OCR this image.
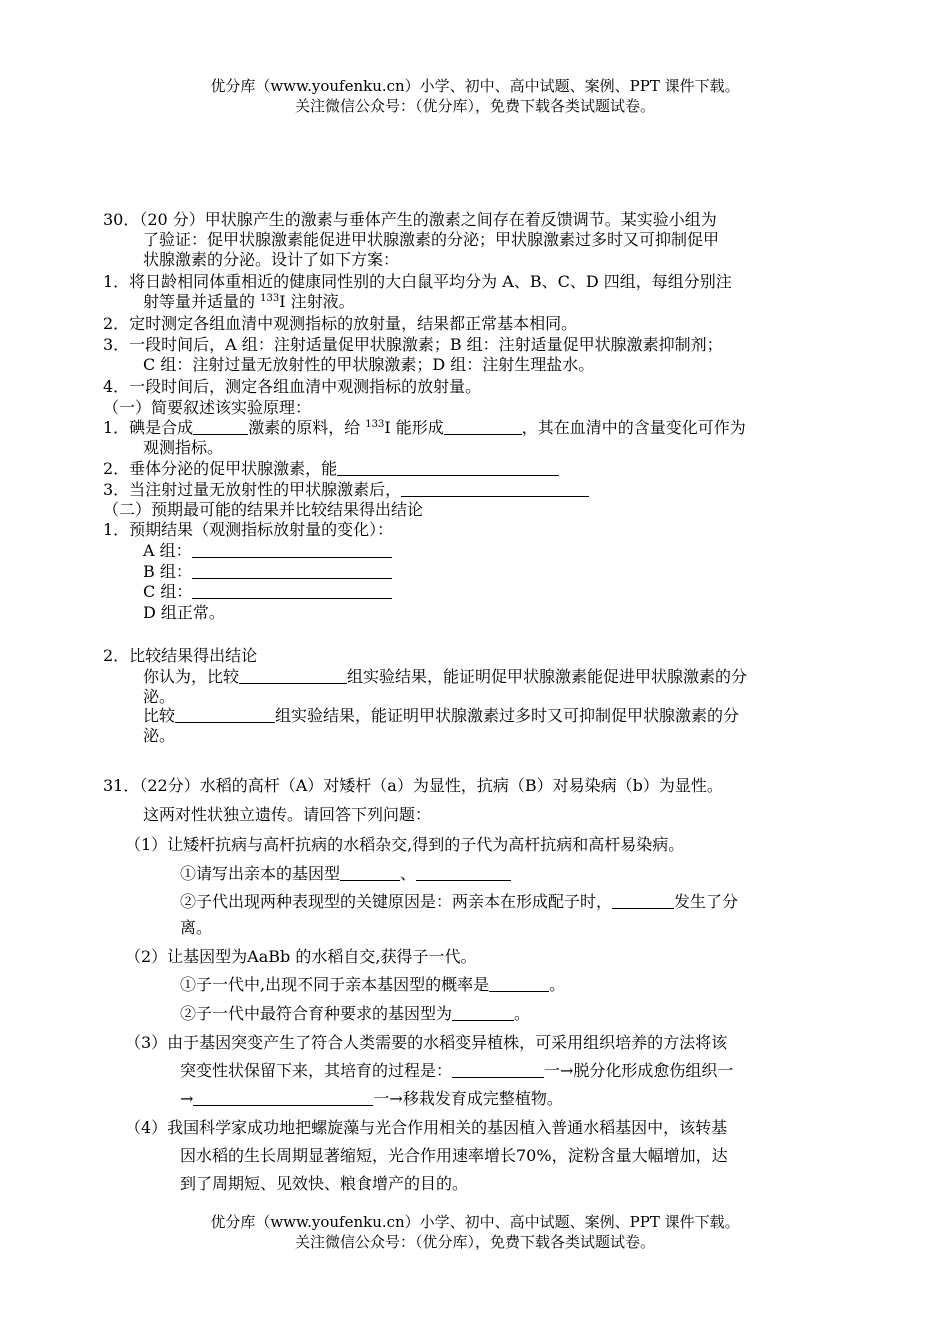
优分库（www.youfenku.cn）小学、初中、高中试题、案例、PPT 课件下载。
关注微信公众号：（优分库），免费下载各类试题试卷。
30．（20 分）甲状腺产生的激素与垂体产生的激素之间存在着反馈调节。某实验小组为
了验证：促甲状腺激素能促进甲状腺激素的分泌；甲状腺激素过多时又可抑制促甲
状腺激素的分泌。设计了如下方案：
1．将日龄相同体重相近的健康同性别的大白鼠平均分为 A、B、C、D 四组，每组分别注
射等量并适量的 $^{133}$I 注射液。
2．定时测定各组血清中观测指标的放射量，结果都正常基本相同。
3．一段时间后，A 组：注射适量促甲状腺激素；B 组：注射适量促甲状腺激素抑制剂；
C 组：注射过量无放射性的甲状腺激素；D 组：注射生理盐水。
4．一段时间后，测定各组血清中观测指标的放射量。
（一）简要叙述该实验原理：
1．碘是合成	激素的原料，给 $^{133}$I 能形成	，其在血清中的含量变化可作为
观测指标。
2．垂体分泌的促甲状腺激素，能
3．当注射过量无放射性的甲状腺激素后，
（二）预期最可能的结果并比较结果得出结论
1．预期结果（观测指标放射量的变化）：
A 组：
B 组：
C 组：
D 组正常。
2．比较结果得出结论
你认为，比较	组实验结果，能证明促甲状腺激素能促进甲状腺激素的分
泌。
比较	组实验结果，能证明甲状腺激素过多时又可抑制促甲状腺激素的分
泌。
31．（22分）水稻的高杆（A）对矮杆（a）为显性，抗病（B）对易染病（b）为显性。
这两对性状独立遗传。请回答下列问题：
（1）让矮杆抗病与高杆抗病的水稻杂交,得到的子代为高杆抗病和高杆易染病。
①请写出亲本的基因型	、
②子代出现两种表现型的关键原因是：两亲本在形成配子时，	发生了分
离。
（2）让基因型为AaBb 的水稻自交,获得子一代。
①子一代中,出现不同于亲本基因型的概率是	。
②子一代中最符合育种要求的基因型为	。
（3）由于基因突变产生了符合人类需要的水稻变异植株，可采用组织培养的方法将该
突变性状保留下来，其培育的过程是：	一→脱分化形成愈伤组织一
→	一→移栽发育成完整植物。
（4）我国科学家成功地把螺旋藻与光合作用相关的基因植入普通水稻基因中，该转基
因水稻的生长周期显著缩短，光合作用速率增长70%，淀粉含量大幅增加，达
到了周期短、见效快、粮食增产的目的。
优分库（www.youfenku.cn）小学、初中、高中试题、案例、PPT 课件下载。
关注微信公众号：（优分库），免费下载各类试题试卷。
